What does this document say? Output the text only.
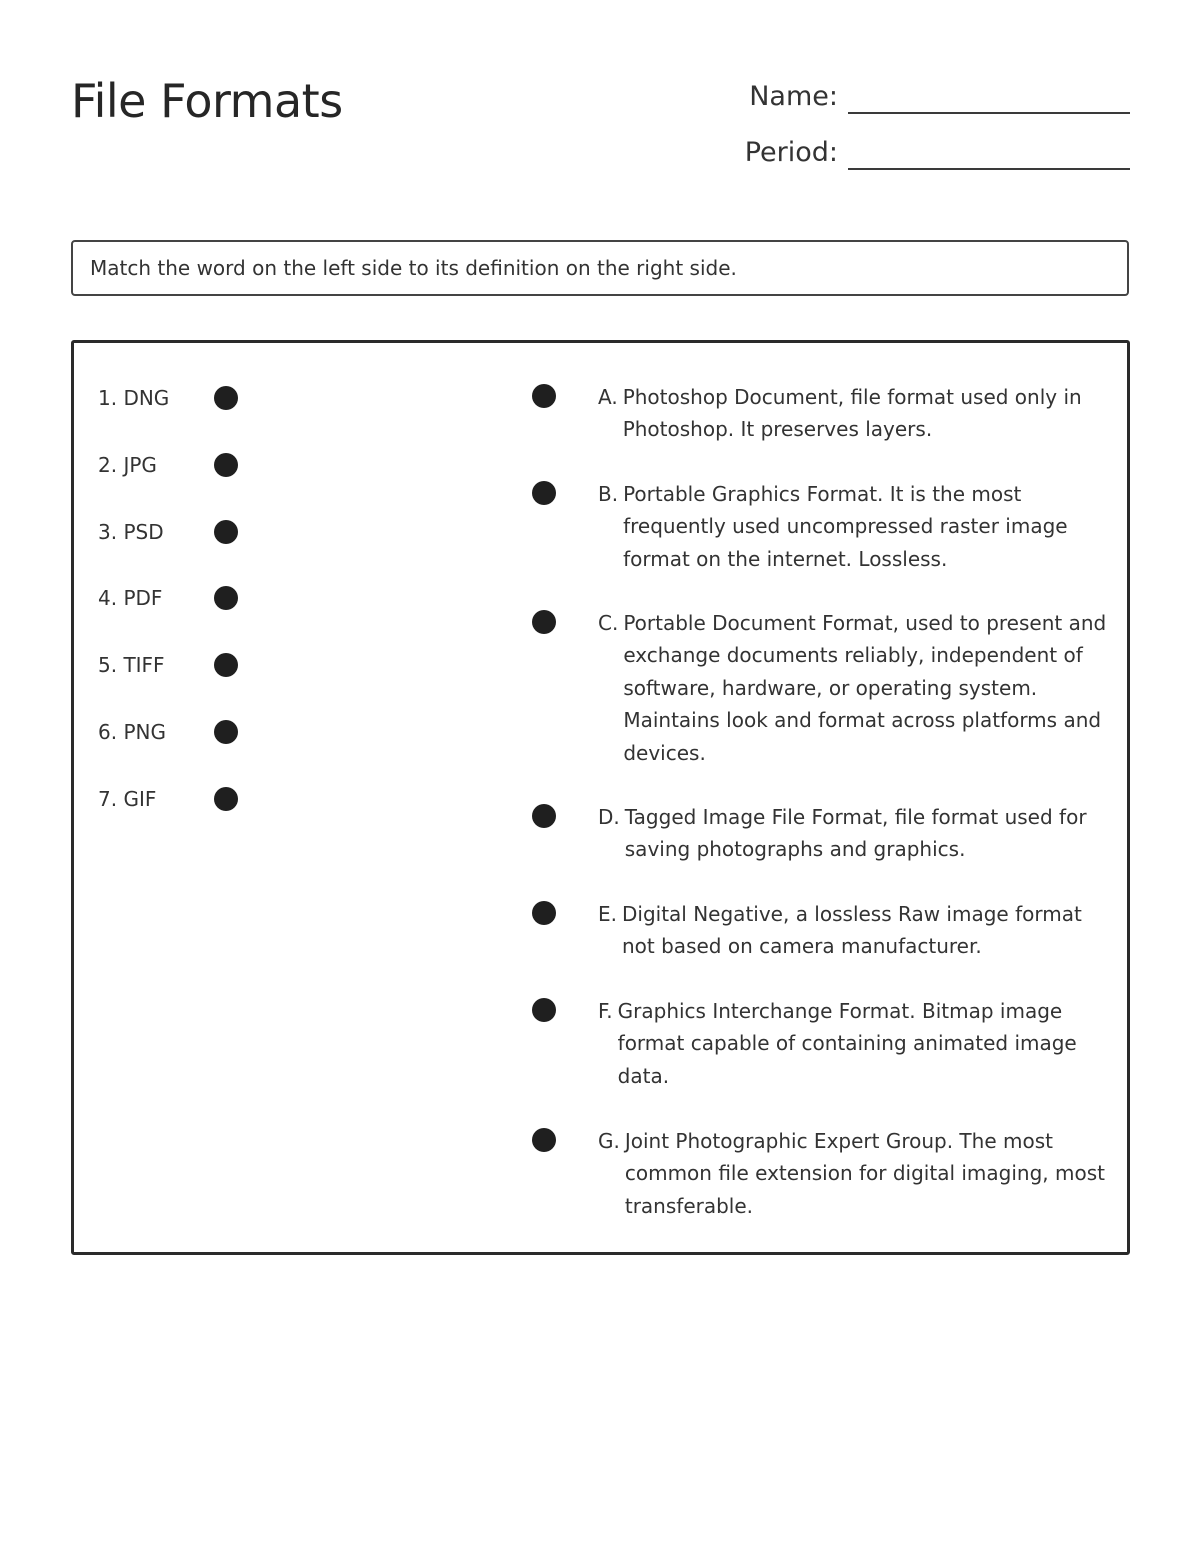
File Formats	Name:
Period:
Match the word on the left side to its definition on the right side.
1. DNG
2. JPG
3. PSD
4. PDF
5. TIFF
6. PNG
7. GIF
A. Photoshop Document, file format used only in Photoshop. It preserves layers.
B. Portable Graphics Format. It is the most frequently used uncompressed raster image format on the internet. Lossless.
C. Portable Document Format, used to present and exchange documents reliably, independent of software, hardware, or operating system. Maintains look and format across platforms and devices.
D. Tagged Image File Format, file format used for saving photographs and graphics.
E. Digital Negative, a lossless Raw image format not based on camera manufacturer.
F. Graphics Interchange Format. Bitmap image format capable of containing animated image data.
G. Joint Photographic Expert Group. The most common file extension for digital imaging, most transferable.
